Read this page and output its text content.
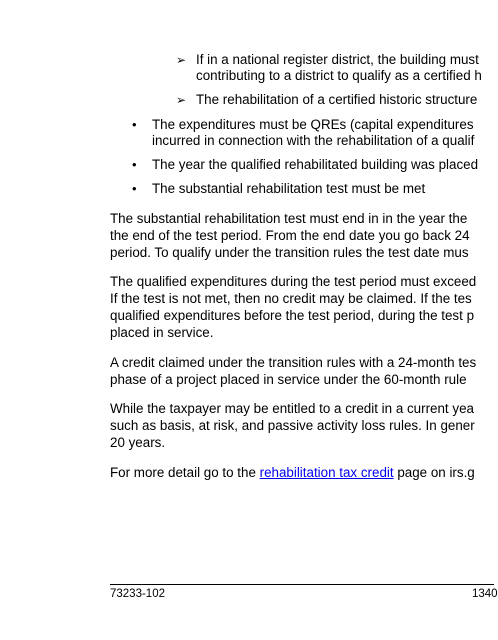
➢ If in a national register district, the building must
contributing to a district to qualify as a certified h
➢ The rehabilitation of a certified historic structure
• The expenditures must be QREs (capital expenditures
incurred in connection with the rehabilitation of a qualif
• The year the qualified rehabilitated building was placed
• The substantial rehabilitation test must be met
The substantial rehabilitation test must end in in the year the
the end of the test period. From the end date you go back 24
period. To qualify under the transition rules the test date mus
The qualified expenditures during the test period must exceed
If the test is not met, then no credit may be claimed. If the tes
qualified expenditures before the test period, during the test p
placed in service.
A credit claimed under the transition rules with a 24-month tes
phase of a project placed in service under the 60-month rule
While the taxpayer may be entitled to a credit in a current yea
such as basis, at risk, and passive activity loss rules. In gener
20 years.
For more detail go to the rehabilitation tax credit page on irs.g
73233-102	1340
